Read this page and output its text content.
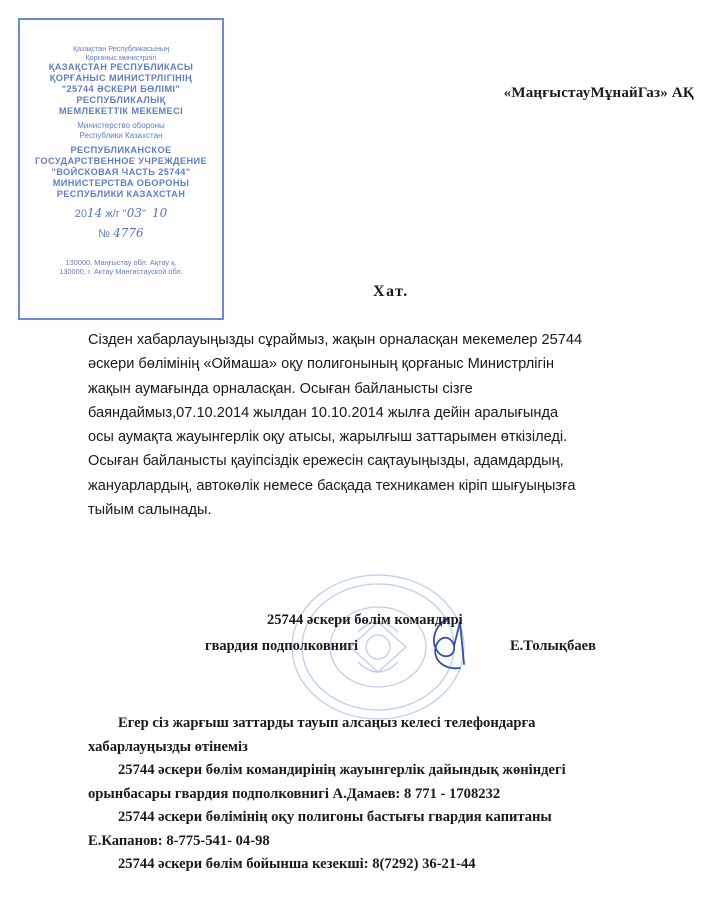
Қазақстан Республикасының
Қорғаныс министрлігі
ҚАЗАҚСТАН РЕСПУБЛИКАСЫ
ҚОРҒАНЫС МИНИСТРЛІГІНІҢ
"25744 ӘСКЕРИ БӨЛІМІ"
РЕСПУБЛИКАЛЫҚ
МЕМЛЕКЕТТІК МЕКЕМЕСІ
Министерство обороны
Республики Казахстан
РЕСПУБЛИКАНСКОЕ
ГОСУДАРСТВЕННОЕ УЧРЕЖДЕНИЕ
"ВОЙСКОВАЯ ЧАСТЬ 25744"
МИНИСТЕРСТВА ОБОРОНЫ
РЕСПУБЛИКИ КАЗАХСТАН
2014 ж/г "03" 10
№ 4776
130000, Маңғыстау обл. Ақтау қ.
130000, г. Актау Мангистауской обл.
«МаңғыстауМұнайГаз» АҚ
Хат.
Сізден хабарлауыңызды сұраймыз, жақын орналасқан мекемелер 25744
әскери бөлімінің «Оймаша» оқу полигонының қорғаныс Министрлігін
жақын аумағында орналасқан. Осыған байланысты сізге
баяндаймыз,07.10.2014 жылдан 10.10.2014 жылға дейін аралығында
осы аумақта жауынгерлік оқу атысы, жарылғыш заттарымен өткізіледі.
Осыған байланысты қауіпсіздік ережесін сақтауыңызды, адамдардың,
жануарлардың, автокөлік немесе басқада техникамен кіріп шығуыңызға
тыйым салынады.
25744 әскери бөлім командирі
гвардия подполковнигі	Е.Толықбаев
Егер сіз жарғыш заттарды тауып алсаңыз келесі телефондарға
хабарлауңызды өтінеміз
25744 әскери бөлім командирінің жауынгерлік дайындық жөніндегі
орынбасары гвардия подполковнигі А.Дамаев: 8 771 - 1708232
25744 әскери бөлімінің оқу полигоны бастығы гвардия капитаны
Е.Капанов: 8-775-541- 04-98
25744 әскери бөлім бойынша кезекші: 8(7292) 36-21-44
